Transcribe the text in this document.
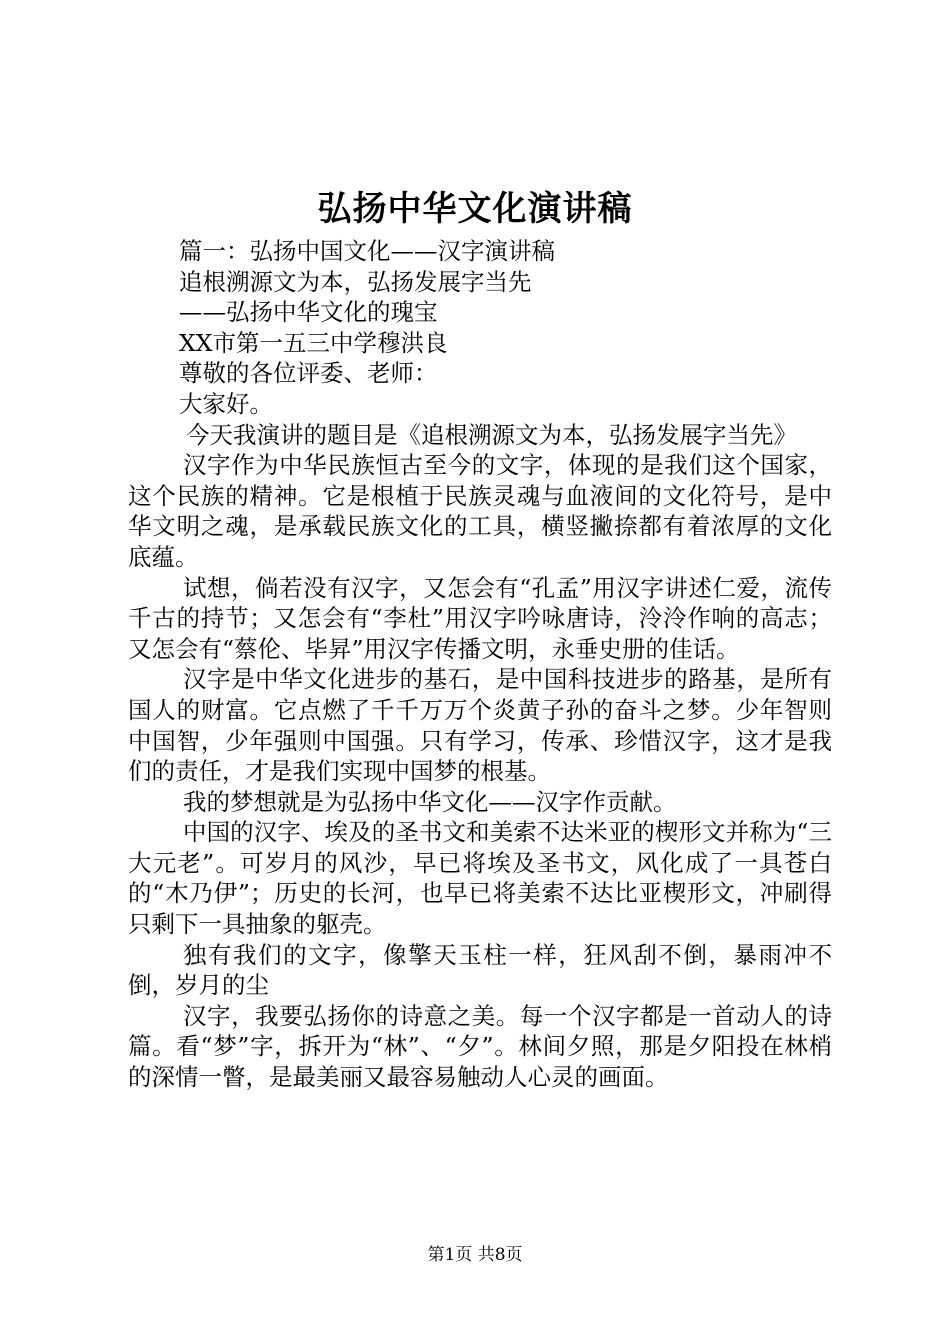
弘扬中华文化演讲稿
篇一：弘扬中国文化——汉字演讲稿
追根溯源文为本，弘扬发展字当先
——弘扬中华文化的瑰宝
XX市第一五三中学穆洪良
尊敬的各位评委、老师：
大家好。

今天我演讲的题目是《追根溯源文为本，弘扬发展字当先》

汉字作为中华民族恒古至今的文字，体现的是我们这个国家，这个民族的精神。它是根植于民族灵魂与血液间的文化符号，是中华文明之魂，是承载民族文化的工具，横竖撇捺都有着浓厚的文化底蕴。

试想，倘若没有汉字，又怎会有“孔孟”用汉字讲述仁爱，流传千古的持节；又怎会有“李杜”用汉字吟咏唐诗，泠泠作响的高志；又怎会有“蔡伦、毕昇”用汉字传播文明，永垂史册的佳话。

汉字是中华文化进步的基石，是中国科技进步的路基，是所有国人的财富。它点燃了千千万万个炎黄子孙的奋斗之梦。少年智则中国智，少年强则中国强。只有学习，传承、珍惜汉字，这才是我们的责任，才是我们实现中国梦的根基。

我的梦想就是为弘扬中华文化——汉字作贡献。

中国的汉字、埃及的圣书文和美索不达米亚的楔形文并称为“三大元老”。可岁月的风沙，早已将埃及圣书文，风化成了一具苍白的“木乃伊”；历史的长河，也早已将美索不达比亚楔形文，冲刷得只剩下一具抽象的躯壳。

独有我们的文字，像擎天玉柱一样，狂风刮不倒，暴雨冲不倒，岁月的尘

汉字，我要弘扬你的诗意之美。每一个汉字都是一首动人的诗篇。看“梦”字，拆开为“林”、“夕”。林间夕照，那是夕阳投在林梢的深情一瞥，是最美丽又最容易触动人心灵的画面。

第1页 共8页
